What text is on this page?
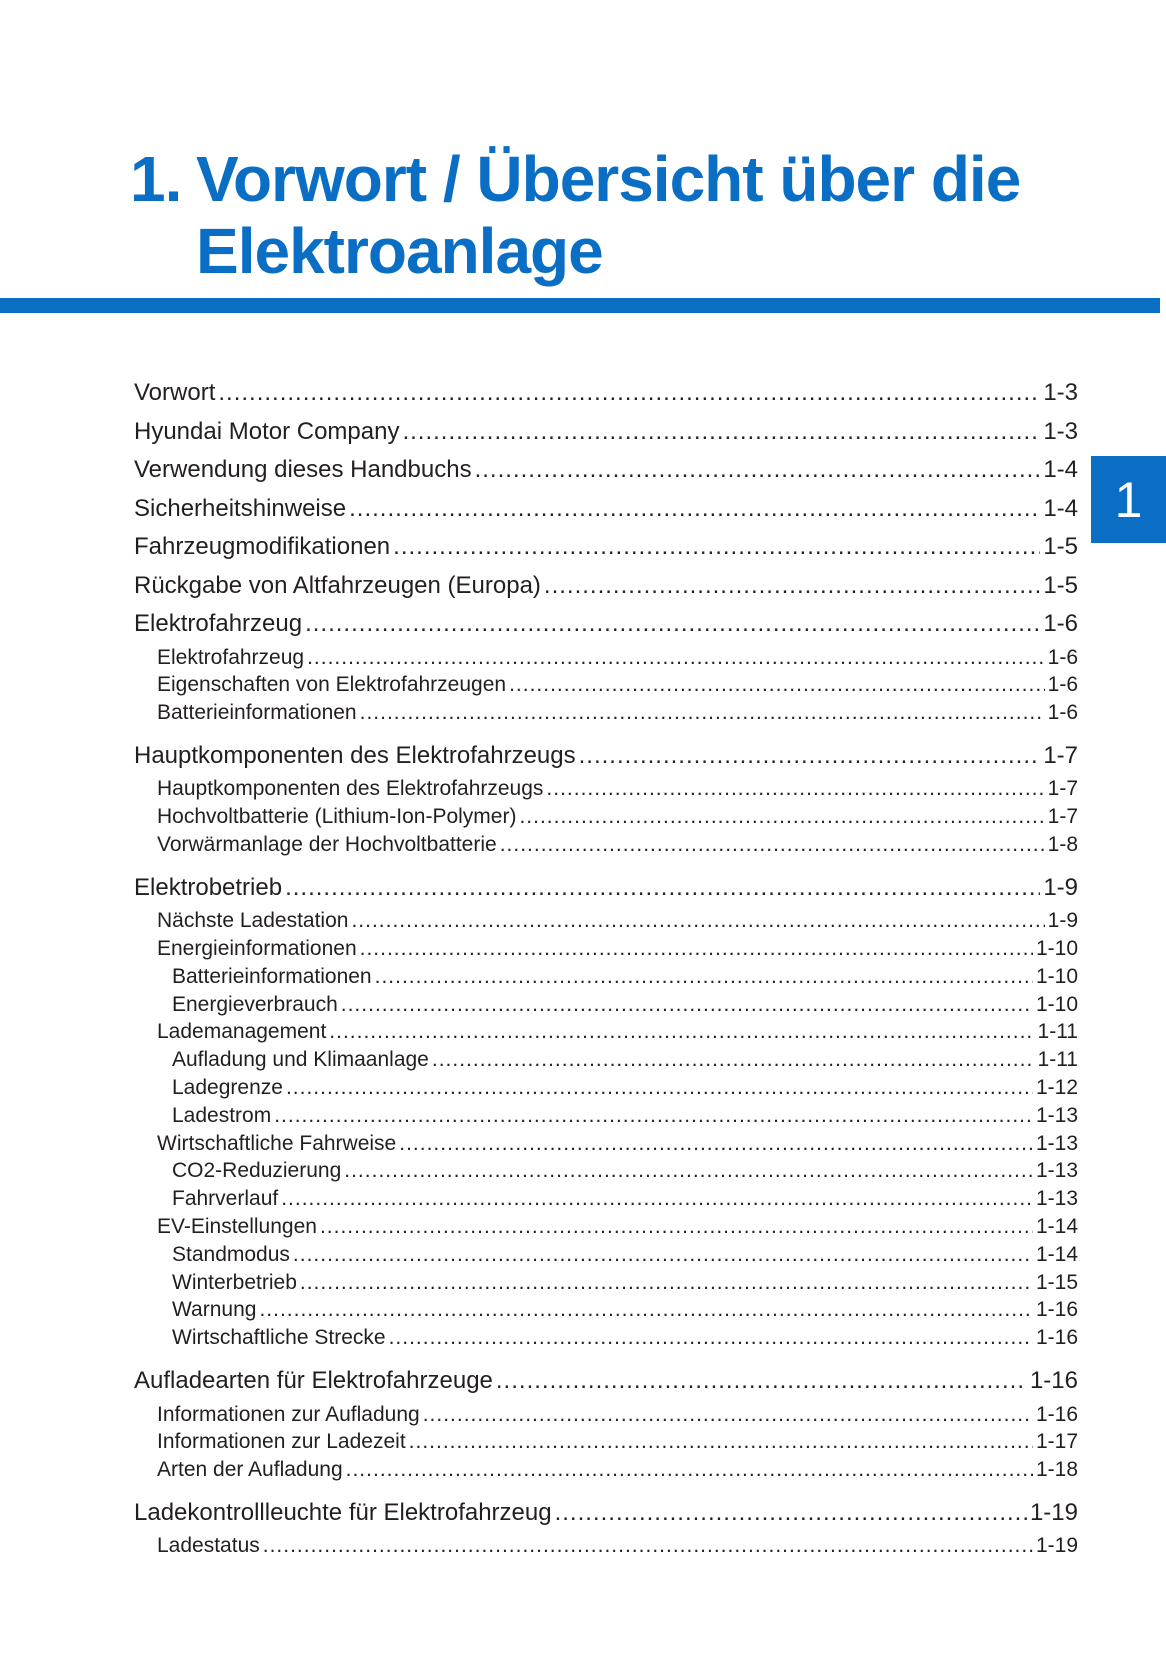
1. Vorwort / Übersicht über die
Elektroanlage
1
Vorwort .....	1-3
Hyundai Motor Company .....	1-3
Verwendung dieses Handbuchs .....	1-4
Sicherheitshinweise .....	1-4
Fahrzeugmodifikationen .....	1-5
Rückgabe von Altfahrzeugen (Europa) .....	1-5
Elektrofahrzeug .....	1-6
Elektrofahrzeug .....	1-6
Eigenschaften von Elektrofahrzeugen .....	1-6
Batterieinformationen .....	1-6
Hauptkomponenten des Elektrofahrzeugs .....	1-7
Hauptkomponenten des Elektrofahrzeugs .....	1-7
Hochvoltbatterie (Lithium-Ion-Polymer) .....	1-7
Vorwärmanlage der Hochvoltbatterie .....	1-8
Elektrobetrieb .....	1-9
Nächste Ladestation .....	1-9
Energieinformationen .....	1-10
Batterieinformationen .....	1-10
Energieverbrauch .....	1-10
Lademanagement .....	1-11
Aufladung und Klimaanlage .....	1-11
Ladegrenze .....	1-12
Ladestrom .....	1-13
Wirtschaftliche Fahrweise .....	1-13
CO2-Reduzierung .....	1-13
Fahrverlauf .....	1-13
EV-Einstellungen .....	1-14
Standmodus .....	1-14
Winterbetrieb .....	1-15
Warnung .....	1-16
Wirtschaftliche Strecke .....	1-16
Aufladearten für Elektrofahrzeuge .....	1-16
Informationen zur Aufladung .....	1-16
Informationen zur Ladezeit .....	1-17
Arten der Aufladung .....	1-18
Ladekontrollleuchte für Elektrofahrzeug .....	1-19
Ladestatus .....	1-19
